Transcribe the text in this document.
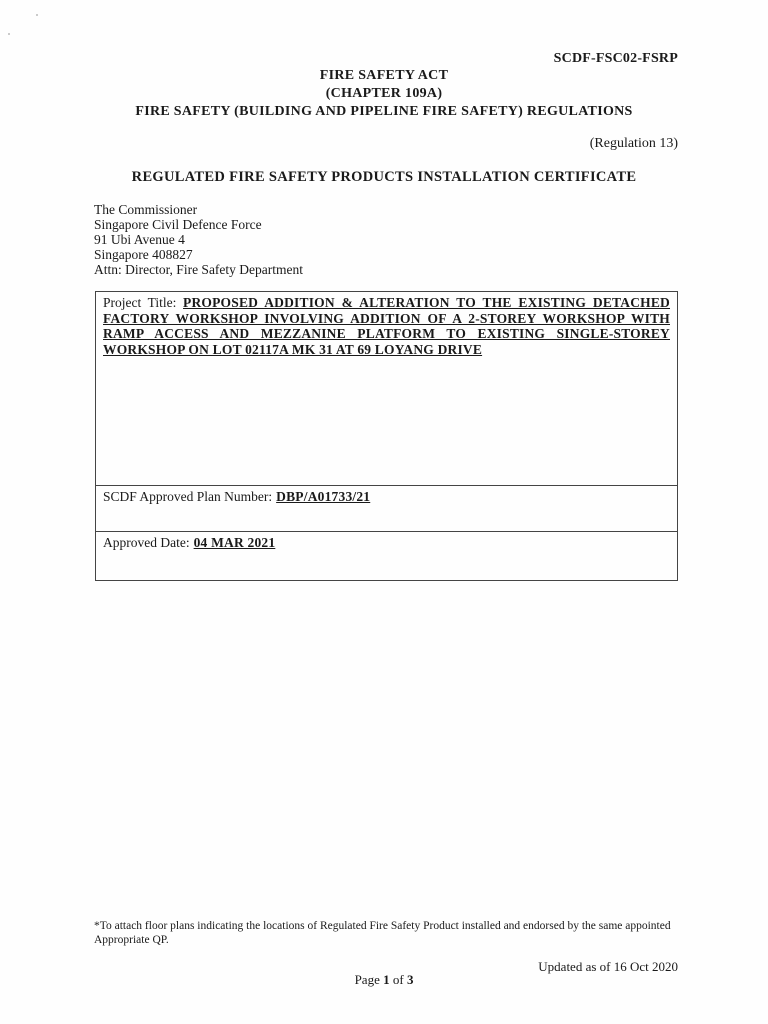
SCDF-FSC02-FSRP
FIRE SAFETY ACT
(CHAPTER 109A)
FIRE SAFETY (BUILDING AND PIPELINE FIRE SAFETY) REGULATIONS
(Regulation 13)
REGULATED FIRE SAFETY PRODUCTS INSTALLATION CERTIFICATE
The Commissioner
Singapore Civil Defence Force
91 Ubi Avenue 4
Singapore 408827
Attn: Director, Fire Safety Department
Project Title: PROPOSED ADDITION & ALTERATION TO THE EXISTING DETACHED FACTORY WORKSHOP INVOLVING ADDITION OF A 2-STOREY WORKSHOP WITH RAMP ACCESS AND MEZZANINE PLATFORM TO EXISTING SINGLE-STOREY WORKSHOP ON LOT 02117A MK 31 AT 69 LOYANG DRIVE
SCDF Approved Plan Number: DBP/A01733/21
Approved Date: 04 MAR 2021
*To attach floor plans indicating the locations of Regulated Fire Safety Product installed and endorsed by the same appointed Appropriate QP.
Updated as of 16 Oct 2020
Page 1 of 3
